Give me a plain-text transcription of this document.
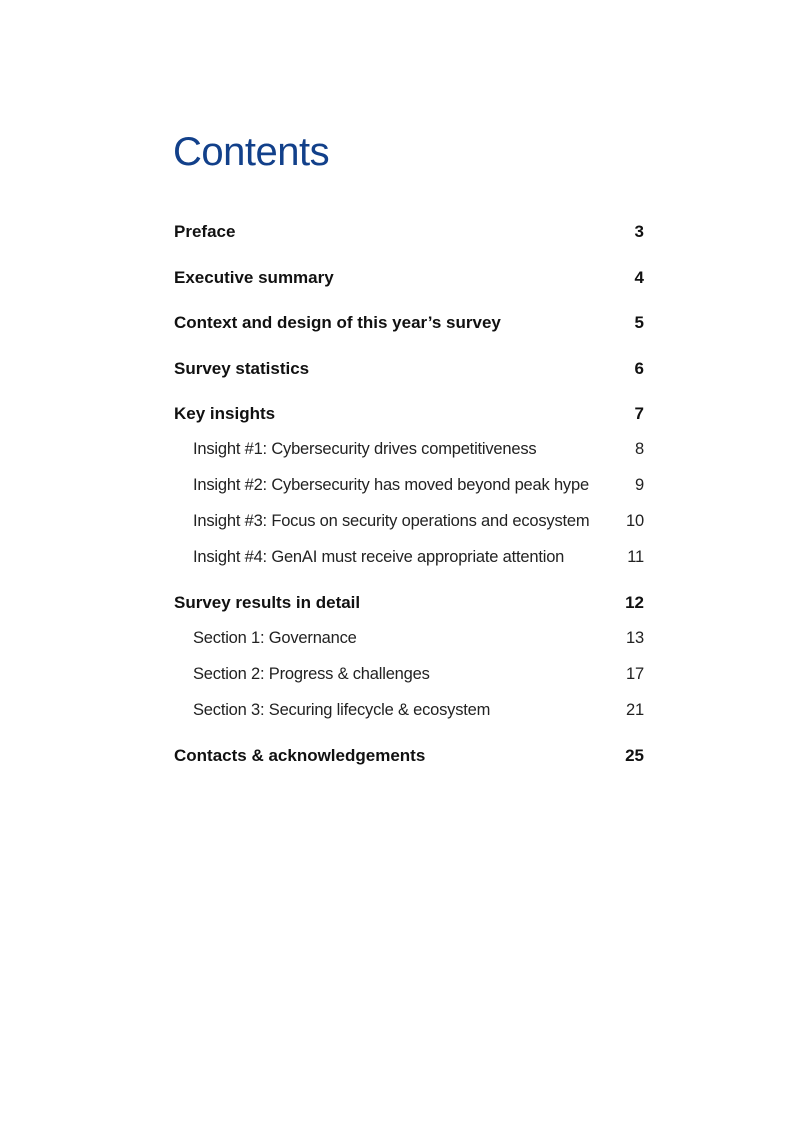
Contents
Preface	3
Executive summary	4
Context and design of this year’s survey	5
Survey statistics	6
Key insights	7
Insight #1: Cybersecurity drives competitiveness	8
Insight #2: Cybersecurity has moved beyond peak hype	9
Insight #3: Focus on security operations and ecosystem 10
Insight #4: GenAI must receive appropriate attention	11
Survey results in detail	12
Section 1: Governance	13
Section 2: Progress & challenges	17
Section 3: Securing lifecycle & ecosystem	21
Contacts & acknowledgements	25
